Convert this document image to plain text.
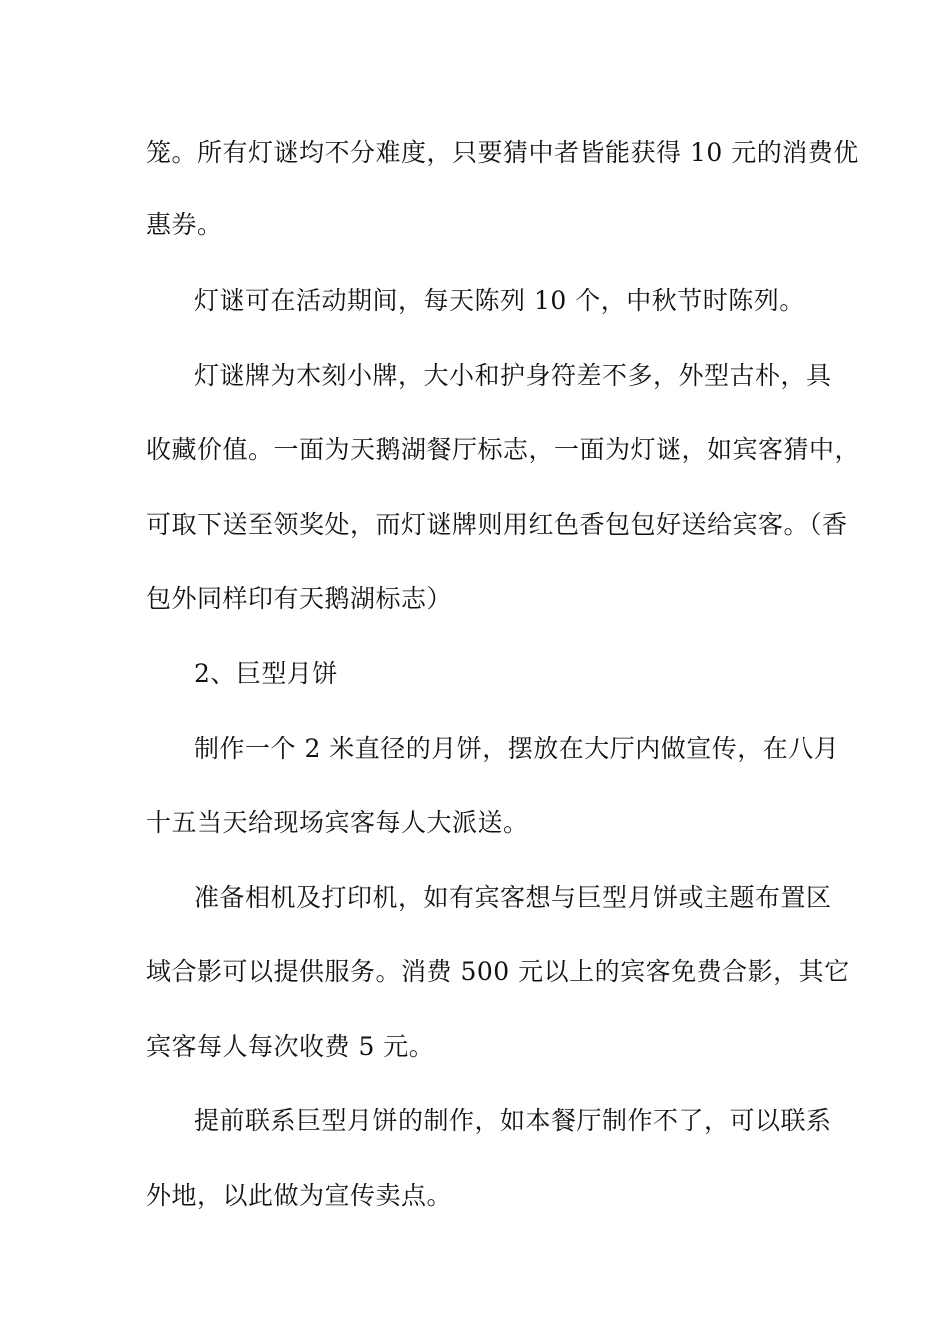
笼。所有灯谜均不分难度，只要猜中者皆能获得 10 元的消费优
惠券。
灯谜可在活动期间，每天陈列 10 个，中秋节时陈列。
灯谜牌为木刻小牌，大小和护身符差不多，外型古朴，具
收藏价值。一面为天鹅湖餐厅标志，一面为灯谜，如宾客猜中，
可取下送至领奖处，而灯谜牌则用红色香包包好送给宾客。（香
包外同样印有天鹅湖标志）
2、巨型月饼
制作一个 2 米直径的月饼，摆放在大厅内做宣传，在八月
十五当天给现场宾客每人大派送。
准备相机及打印机，如有宾客想与巨型月饼或主题布置区
域合影可以提供服务。消费 500 元以上的宾客免费合影，其它
宾客每人每次收费 5 元。
提前联系巨型月饼的制作，如本餐厅制作不了，可以联系
外地，以此做为宣传卖点。
